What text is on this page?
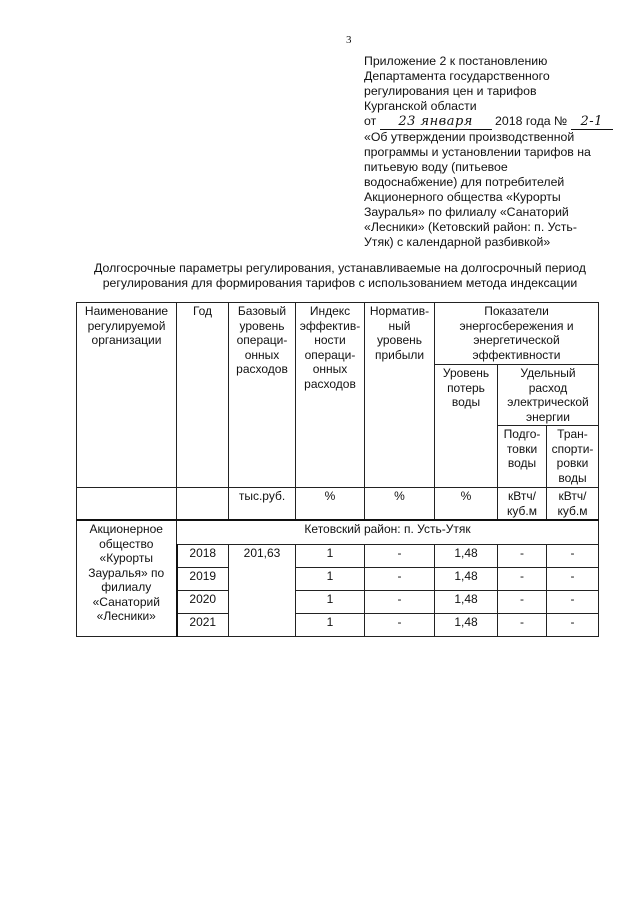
3
Приложение 2 к постановлению
Департамента государственного
регулирования цен и тарифов
Курганской области
от 23 января 2018 года № 2-1
«Об утверждении производственной
программы и установлении тарифов на
питьевую воду (питьевое
водоснабжение) для потребителей
Акционерного общества «Курорты
Зауралья» по филиалу «Санаторий
«Лесники» (Кетовский район: п. Усть-
Утяк) с календарной разбивкой»
Долгосрочные параметры регулирования, устанавливаемые на долгосрочный период
регулирования для формирования тарифов с использованием метода индексации
Наименование регулируемой организации	Год	Базовый уровень операци-онных расходов	Индекс эффектив-ности операци-онных расходов	Норматив-ный уровень прибыли	Показатели энергосбережения и энергетической эффективности		
					Уровень потерь воды	Удельный расход электрической энергии	
						Подго-товки воды	Тран-спорти-ровки воды
		тыс.руб.	%	%	%	кВтч/ куб.м	кВтч/ куб.м
Акционерное общество «Курорты Зауралья» по филиалу «Санаторий «Лесники»	Кетовский район: п. Усть-Утяк						
	2018	201,63	1	-	1,48	-	-
	2019		1	-	1,48	-	-
	2020		1	-	1,48	-	-
	2021		1	-	1,48	-	-
